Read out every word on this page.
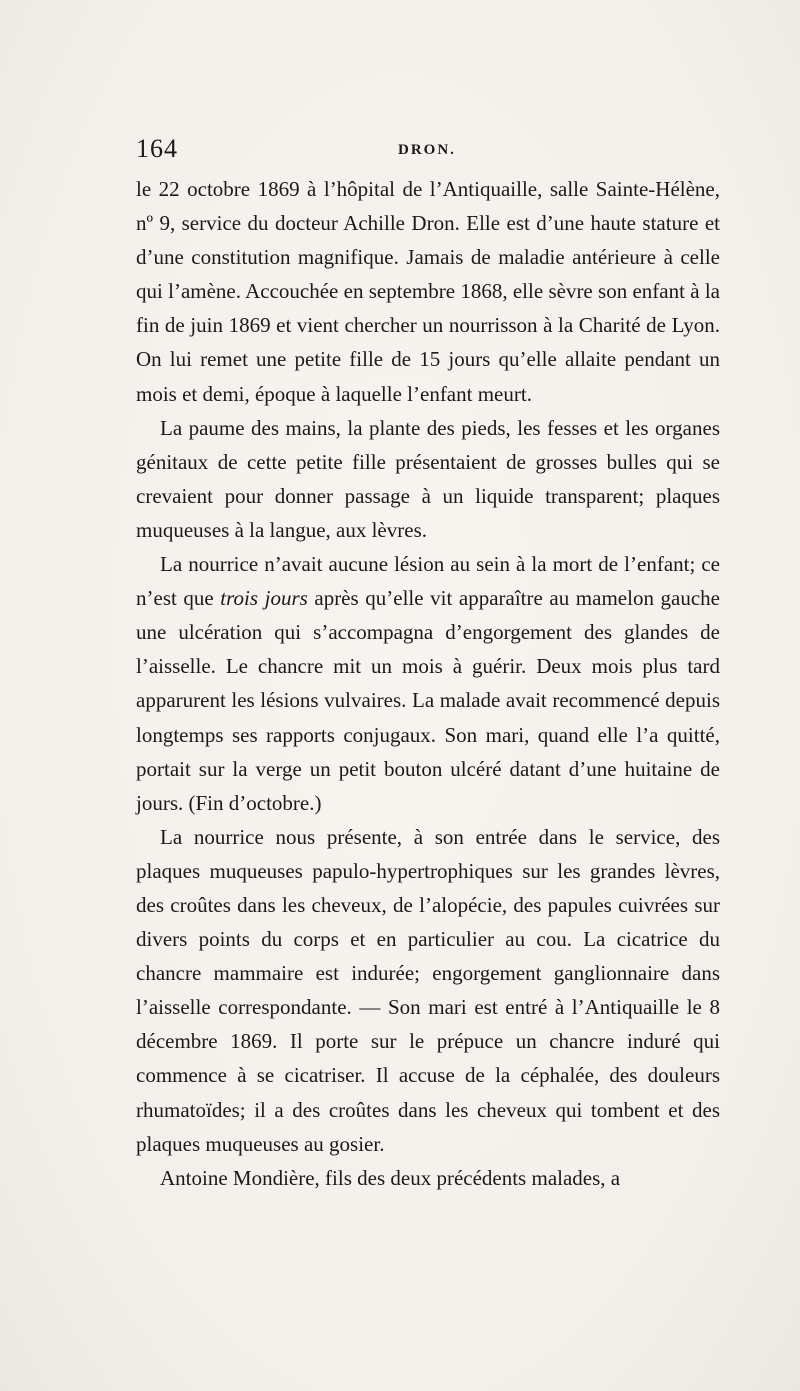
164	DRON.

le 22 octobre 1869 à l’hôpital de l’Antiquaille, salle Sainte-Hélène, nº 9, service du docteur Achille Dron. Elle est d’une haute stature et d’une constitution magnifique. Jamais de maladie antérieure à celle qui l’amène. Accouchée en septembre 1868, elle sèvre son enfant à la fin de juin 1869 et vient chercher un nourrisson à la Charité de Lyon. On lui remet une petite fille de 15 jours qu’elle allaite pendant un mois et demi, époque à laquelle l’enfant meurt.

La paume des mains, la plante des pieds, les fesses et les organes génitaux de cette petite fille présentaient de grosses bulles qui se crevaient pour donner passage à un liquide transparent; plaques muqueuses à la langue, aux lèvres.

La nourrice n’avait aucune lésion au sein à la mort de l’enfant; ce n’est que trois jours après qu’elle vit apparaître au mamelon gauche une ulcération qui s’accompagna d’engorgement des glandes de l’aisselle. Le chancre mit un mois à guérir. Deux mois plus tard apparurent les lésions vulvaires. La malade avait recommencé depuis longtemps ses rapports conjugaux. Son mari, quand elle l’a quitté, portait sur la verge un petit bouton ulcéré datant d’une huitaine de jours. (Fin d’octobre.)

La nourrice nous présente, à son entrée dans le service, des plaques muqueuses papulo-hypertrophiques sur les grandes lèvres, des croûtes dans les cheveux, de l’alopécie, des papules cuivrées sur divers points du corps et en particulier au cou. La cicatrice du chancre mammaire est indurée; engorgement ganglionnaire dans l’aisselle correspondante. — Son mari est entré à l’Antiquaille le 8 décembre 1869. Il porte sur le prépuce un chancre induré qui commence à se cicatriser. Il accuse de la céphalée, des douleurs rhumatoïdes; il a des croûtes dans les cheveux qui tombent et des plaques muqueuses au gosier.

Antoine Mondière, fils des deux précédents malades, a
